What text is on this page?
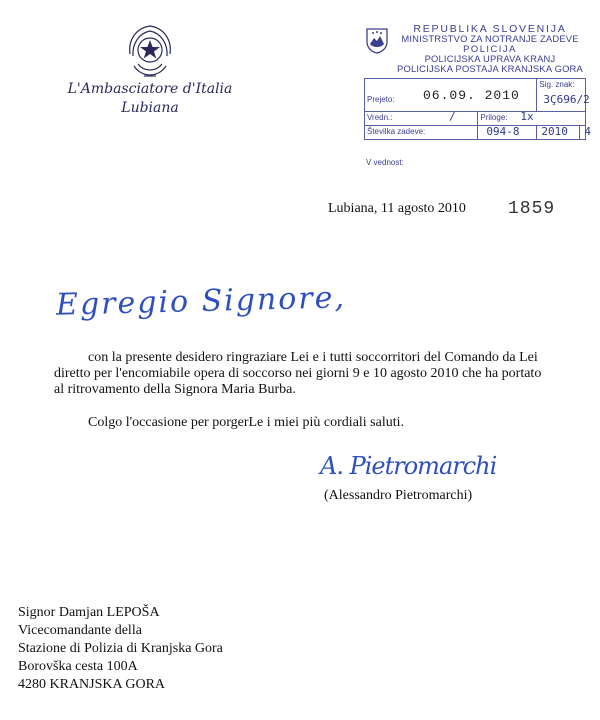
L'Ambasciatore d'Italia
Lubiana
REPUBLIKA SLOVENIJA
MINISTRSTVO ZA NOTRANJE ZADEVE
POLICIJA
POLICIJSKA UPRAVA KRANJ
POLICIJSKA POSTAJA KRANJSKA GORA
Prejeto: 06.09. 2010		Sig. znak:
3Ç696/2	

Vredn.: /	Priloge: 1x		

Številka zadeve:	094-8	2010	4
V vednost:
Lubiana, 11 agosto 2010 1859
Egregio Signore,
con la presente desidero ringraziare Lei e i tutti soccorritori del Comando da Lei
diretto per l'encomiabile opera di soccorso nei giorni 9 e 10 agosto 2010 che ha portato
al ritrovamento della Signora Maria Burba.
Colgo l'occasione per porgerLe i miei più cordiali saluti.
A. Pietromarchi
(Alessandro Pietromarchi)
Signor Damjan LEPOŠA
Vicecomandante della
Stazione di Polizia di Kranjska Gora
Borovška cesta 100A
4280 KRANJSKA GORA
